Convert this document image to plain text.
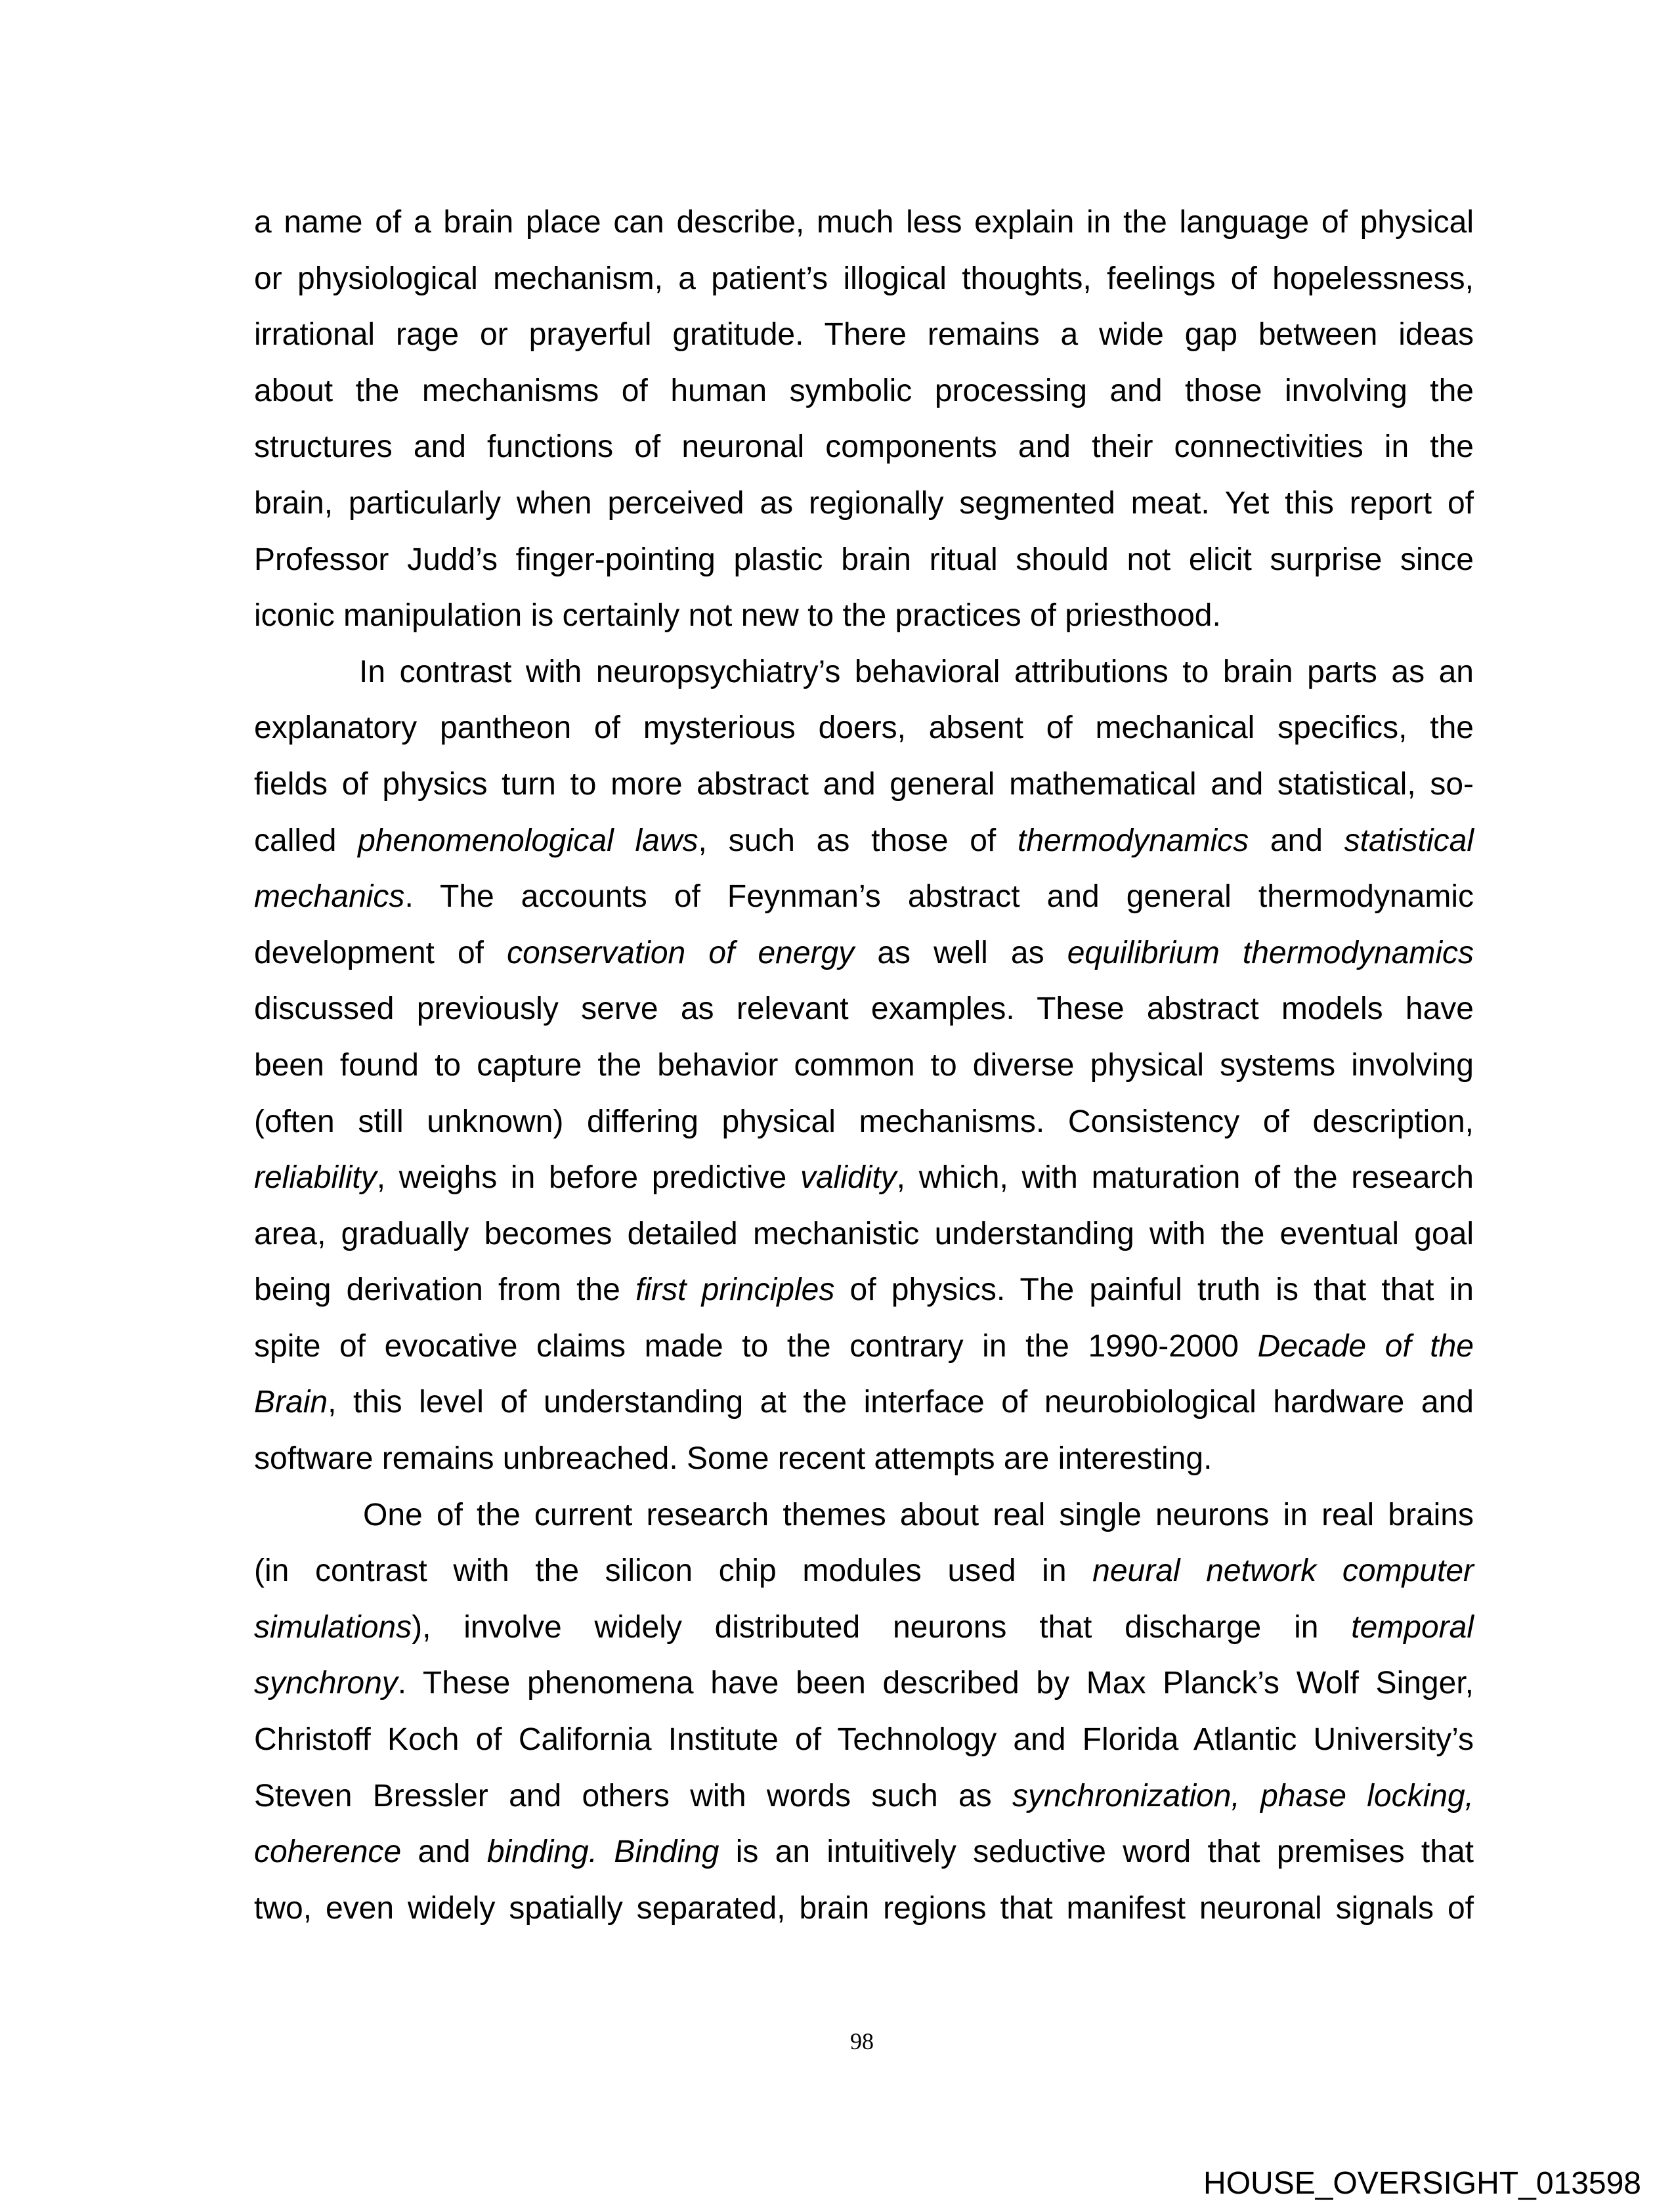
a name of a brain place can describe, much less explain in the language of physical
or physiological mechanism, a patient’s illogical thoughts, feelings of hopelessness,
irrational rage or prayerful gratitude. There remains a wide gap between ideas
about the mechanisms of human symbolic processing and those involving the
structures and functions of neuronal components and their connectivities in the
brain, particularly when perceived as regionally segmented meat. Yet this report of
Professor Judd’s finger-pointing plastic brain ritual should not elicit surprise since
iconic manipulation is certainly not new to the practices of priesthood.
In contrast with neuropsychiatry’s behavioral attributions to brain parts as an
explanatory pantheon of mysterious doers, absent of mechanical specifics, the
fields of physics turn to more abstract and general mathematical and statistical, so-
called phenomenological laws, such as those of thermodynamics and statistical
mechanics. The accounts of Feynman’s abstract and general thermodynamic
development of conservation of energy as well as equilibrium thermodynamics
discussed previously serve as relevant examples. These abstract models have
been found to capture the behavior common to diverse physical systems involving
(often still unknown) differing physical mechanisms. Consistency of description,
reliability, weighs in before predictive validity, which, with maturation of the research
area, gradually becomes detailed mechanistic understanding with the eventual goal
being derivation from the first principles of physics. The painful truth is that that in
spite of evocative claims made to the contrary in the 1990-2000 Decade of the
Brain, this level of understanding at the interface of neurobiological hardware and
software remains unbreached. Some recent attempts are interesting.
One of the current research themes about real single neurons in real brains
(in contrast with the silicon chip modules used in neural network computer
simulations), involve widely distributed neurons that discharge in temporal
synchrony. These phenomena have been described by Max Planck’s Wolf Singer,
Christoff Koch of California Institute of Technology and Florida Atlantic University’s
Steven Bressler and others with words such as synchronization, phase locking,
coherence and binding. Binding is an intuitively seductive word that premises that
two, even widely spatially separated, brain regions that manifest neuronal signals of
98
HOUSE_OVERSIGHT_013598
